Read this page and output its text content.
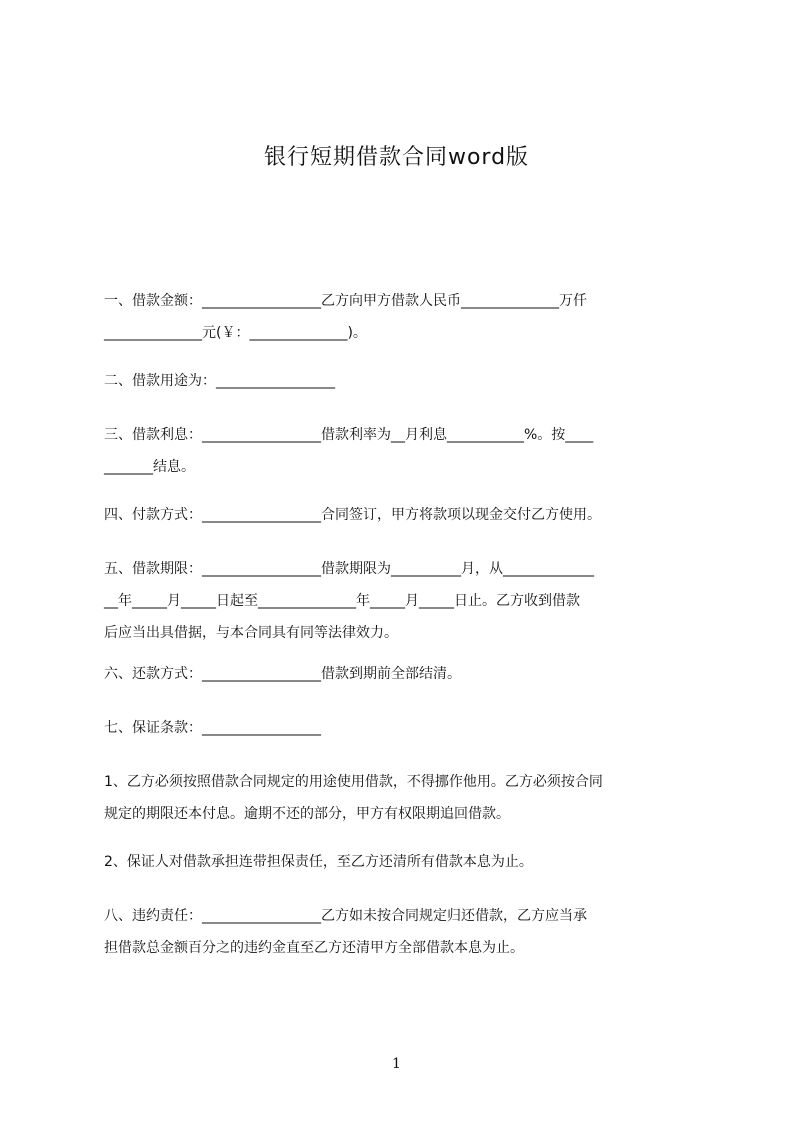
银行短期借款合同word版
一、借款金额：_________________乙方向甲方借款人民币______________万仟
______________元(￥：______________)。
二、借款用途为：_________________
三、借款利息：_________________借款利率为__月利息___________%。按____
_______结息。
四、付款方式：_________________合同签订，甲方将款项以现金交付乙方使用。
五、借款期限：_________________借款期限为__________月，从_____________
__年_____月_____日起至______________年_____月_____日止。乙方收到借款
后应当出具借据，与本合同具有同等法律效力。
六、还款方式：_________________借款到期前全部结清。
七、保证条款：_________________
1、乙方必须按照借款合同规定的用途使用借款，不得挪作他用。乙方必须按合同
规定的期限还本付息。逾期不还的部分，甲方有权限期追回借款。
2、保证人对借款承担连带担保责任，至乙方还清所有借款本息为止。
八、违约责任：_________________乙方如未按合同规定归还借款，乙方应当承
担借款总金额百分之的违约金直至乙方还清甲方全部借款本息为止。
1
